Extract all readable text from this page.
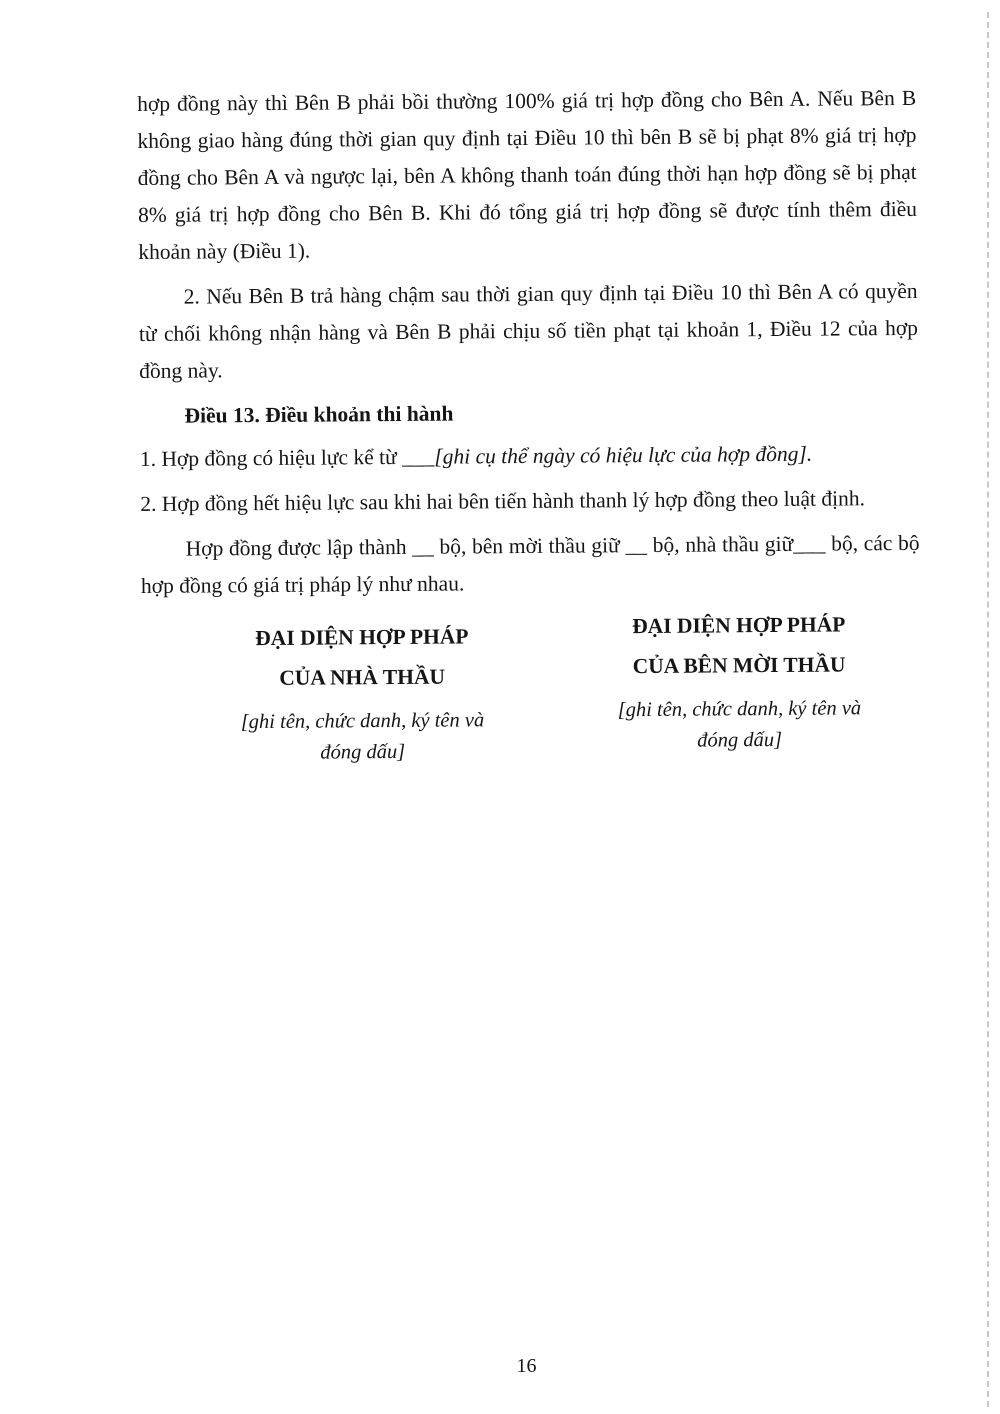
hợp đồng này thì Bên B phải bồi thường 100% giá trị hợp đồng cho Bên A. Nếu Bên B không giao hàng đúng thời gian quy định tại Điều 10 thì bên B sẽ bị phạt 8% giá trị hợp đồng cho Bên A và ngược lại, bên A không thanh toán đúng thời hạn hợp đồng sẽ bị phạt 8% giá trị hợp đồng cho Bên B. Khi đó tổng giá trị hợp đồng sẽ được tính thêm điều khoản này (Điều 1).

2. Nếu Bên B trả hàng chậm sau thời gian quy định tại Điều 10 thì Bên A có quyền từ chối không nhận hàng và Bên B phải chịu số tiền phạt tại khoản 1, Điều 12 của hợp đồng này.

Điều 13. Điều khoản thi hành

1. Hợp đồng có hiệu lực kể từ ___[ghi cụ thể ngày có hiệu lực của hợp đồng].

2. Hợp đồng hết hiệu lực sau khi hai bên tiến hành thanh lý hợp đồng theo luật định.

Hợp đồng được lập thành __ bộ, bên mời thầu giữ __ bộ, nhà thầu giữ___ bộ, các bộ hợp đồng có giá trị pháp lý như nhau.

ĐẠI DIỆN HỢP PHÁP
CỦA NHÀ THẦU
[ghi tên, chức danh, ký tên và đóng dấu]
ĐẠI DIỆN HỢP PHÁP
CỦA BÊN MỜI THẦU
[ghi tên, chức danh, ký tên và đóng dấu]
16
